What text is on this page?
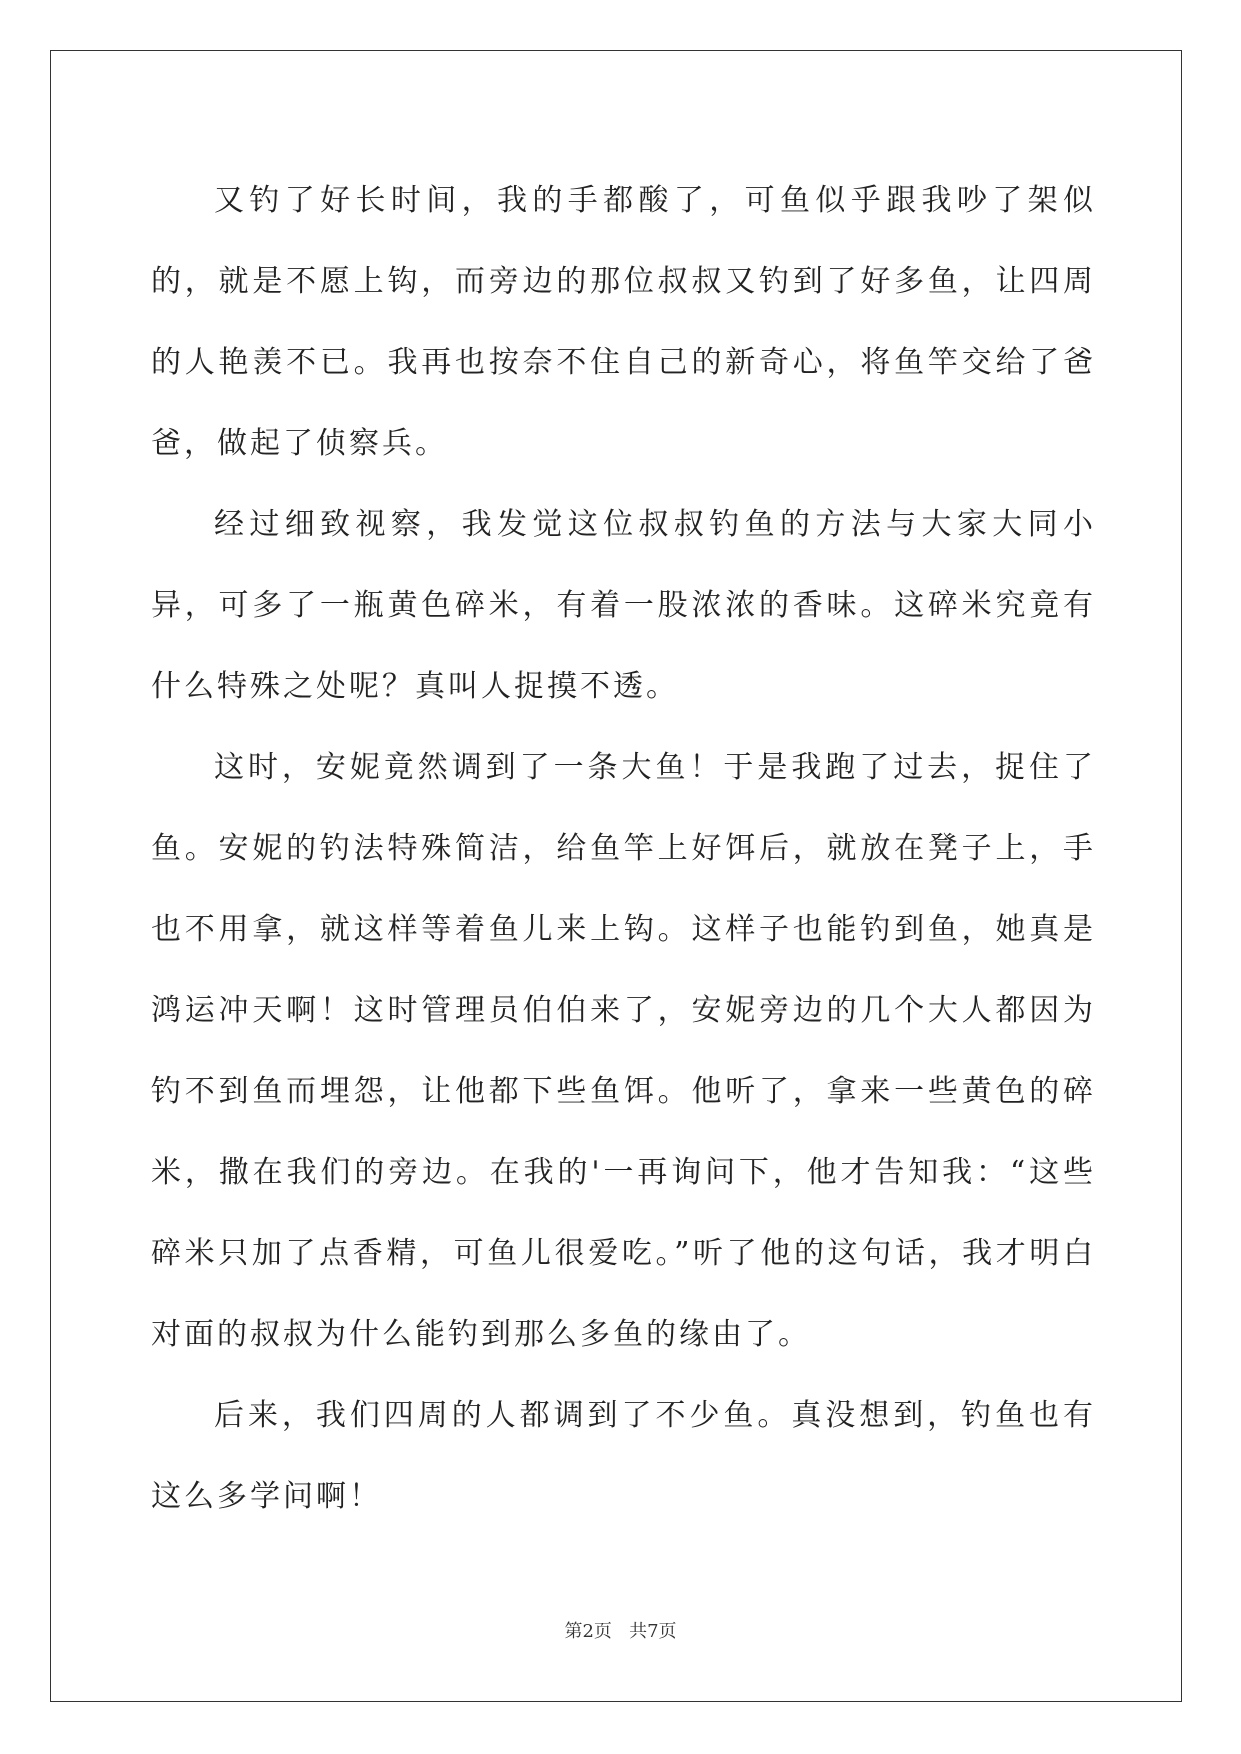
又钓了好长时间，我的手都酸了，可鱼似乎跟我吵了架似的，就是不愿上钩，而旁边的那位叔叔又钓到了好多鱼，让四周的人艳羡不已。我再也按奈不住自己的新奇心，将鱼竿交给了爸爸，做起了侦察兵。

经过细致视察，我发觉这位叔叔钓鱼的方法与大家大同小异，可多了一瓶黄色碎米，有着一股浓浓的香味。这碎米究竟有什么特殊之处呢？真叫人捉摸不透。

这时，安妮竟然调到了一条大鱼！于是我跑了过去，捉住了鱼。安妮的钓法特殊简洁，给鱼竿上好饵后，就放在凳子上，手也不用拿，就这样等着鱼儿来上钩。这样子也能钓到鱼，她真是鸿运冲天啊！这时管理员伯伯来了，安妮旁边的几个大人都因为钓不到鱼而埋怨，让他都下些鱼饵。他听了，拿来一些黄色的碎米，撒在我们的旁边。在我的'一再询问下，他才告知我：“这些碎米只加了点香精，可鱼儿很爱吃。”听了他的这句话，我才明白对面的叔叔为什么能钓到那么多鱼的缘由了。

后来，我们四周的人都调到了不少鱼。真没想到，钓鱼也有这么多学问啊！

第2页 共7页
